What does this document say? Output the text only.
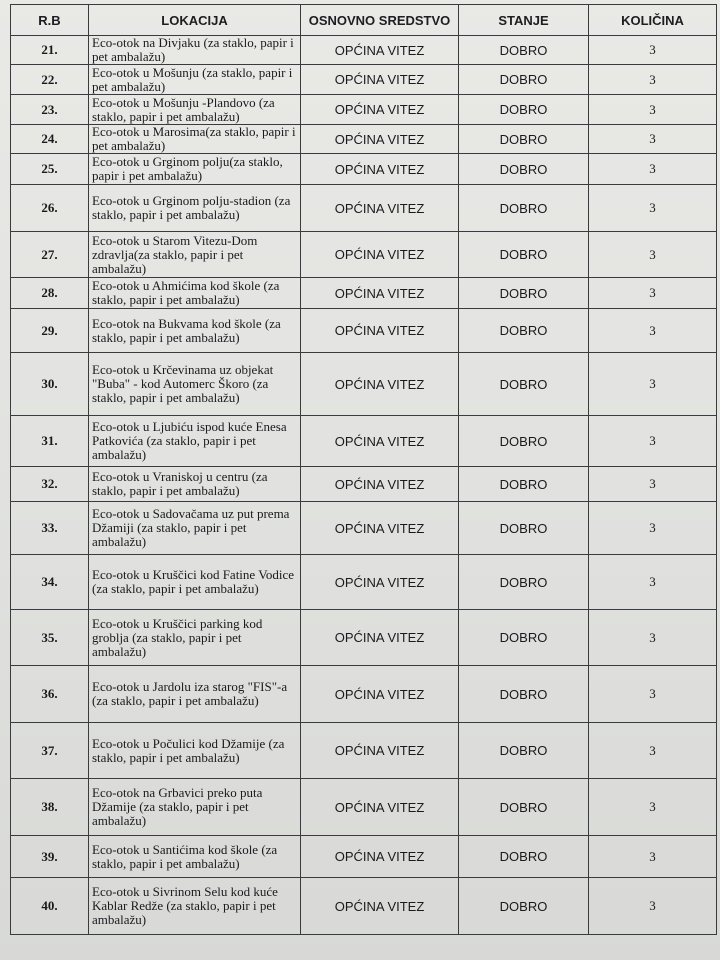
R.B	LOKACIJA	OSNOVNO SREDSTVO	STANJE	KOLIČINA
21.	Eco-otok na Divjaku (za staklo, papir i pet ambalažu)	OPĆINA VITEZ	DOBRO	3
22.	Eco-otok u Mošunju (za staklo, papir i pet ambalažu)	OPĆINA VITEZ	DOBRO	3
23.	Eco-otok u Mošunju -Plandovo (za staklo, papir i pet ambalažu)	OPĆINA VITEZ	DOBRO	3
24.	Eco-otok u Marosima(za staklo, papir i pet ambalažu)	OPĆINA VITEZ	DOBRO	3
25.	Eco-otok u Grginom polju(za staklo, papir i pet ambalažu)	OPĆINA VITEZ	DOBRO	3
26.	Eco-otok u Grginom polju-stadion (za staklo, papir i pet ambalažu)	OPĆINA VITEZ	DOBRO	3
27.	Eco-otok u Starom Vitezu-Dom zdravlja(za staklo, papir i pet ambalažu)	OPĆINA VITEZ	DOBRO	3
28.	Eco-otok u Ahmićima kod škole (za staklo, papir i pet ambalažu)	OPĆINA VITEZ	DOBRO	3
29.	Eco-otok na Bukvama kod škole (za staklo, papir i pet ambalažu)	OPĆINA VITEZ	DOBRO	3
30.	Eco-otok u Krčevinama uz objekat "Buba" - kod Automerc Škoro (za staklo, papir i pet ambalažu)	OPĆINA VITEZ	DOBRO	3
31.	Eco-otok u Ljubiću ispod kuće Enesa Patkovića (za staklo, papir i pet ambalažu)	OPĆINA VITEZ	DOBRO	3
32.	Eco-otok u Vraniskoj u centru (za staklo, papir i pet ambalažu)	OPĆINA VITEZ	DOBRO	3
33.	Eco-otok u Sadovačama uz put prema Džamiji (za staklo, papir i pet ambalažu)	OPĆINA VITEZ	DOBRO	3
34.	Eco-otok u Kruščici kod Fatine Vodice (za staklo, papir i pet ambalažu)	OPĆINA VITEZ	DOBRO	3
35.	Eco-otok u Kruščici parking kod groblja (za staklo, papir i pet ambalažu)	OPĆINA VITEZ	DOBRO	3
36.	Eco-otok u Jardolu iza starog "FIS"-a (za staklo, papir i pet ambalažu)	OPĆINA VITEZ	DOBRO	3
37.	Eco-otok u Počulici kod Džamije (za staklo, papir i pet ambalažu)	OPĆINA VITEZ	DOBRO	3
38.	Eco-otok na Grbavici preko puta Džamije (za staklo, papir i pet ambalažu)	OPĆINA VITEZ	DOBRO	3
39.	Eco-otok u Santićima kod škole (za staklo, papir i pet ambalažu)	OPĆINA VITEZ	DOBRO	3
40.	Eco-otok u Sivrinom Selu kod kuće Kablar Redže (za staklo, papir i pet ambalažu)	OPĆINA VITEZ	DOBRO	3
